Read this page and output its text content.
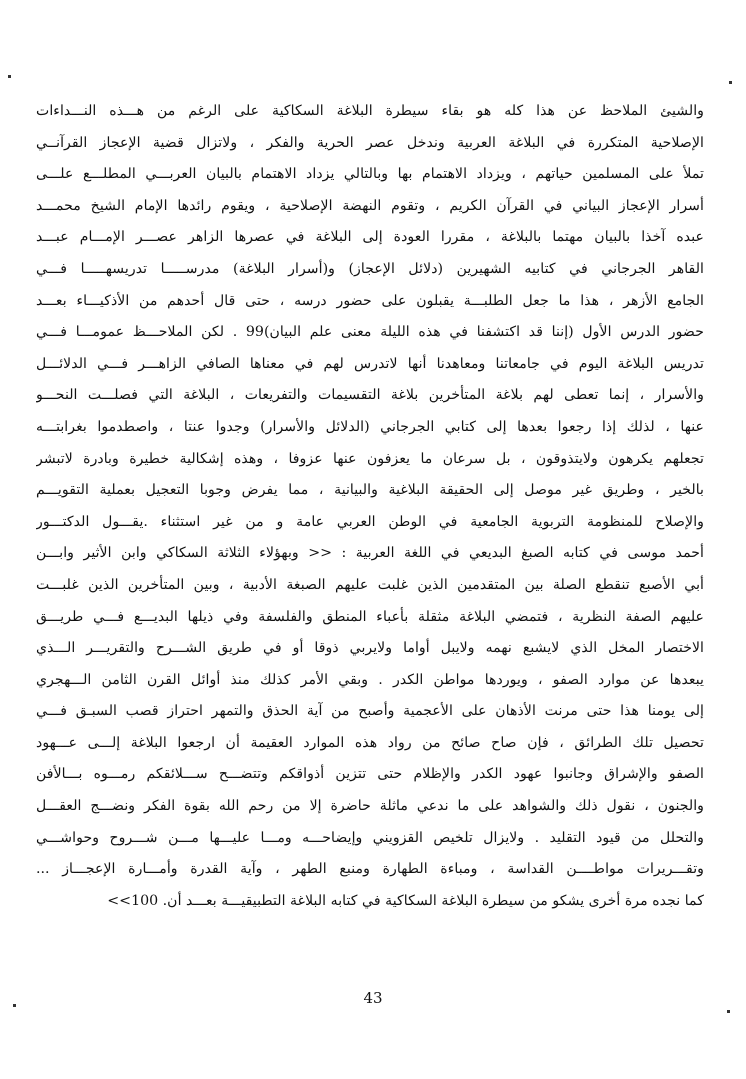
والشيئ الملاحظ عن هذا كله هو بقاء سيطرة البلاغة السكاكية على الرغم من هـــذه النـــداءات
الإصلاحية المتكررة في البلاغة العربية وندخل عصر الحرية والفكر ، ولاتزال قضية الإعجاز القرآنــي
تملأ على المسلمين حياتهم ، ويزداد الاهتمام بها وبالتالي يزداد الاهتمام بالبيان العربـــي المطلـــع علـــى
أسرار الإعجاز البياني في القرآن الكريم ، وتقوم النهضة الإصلاحية ، ويقوم رائدها الإمام الشيخ محمـــد
عبده آخذا بالبيان مهتما بالبلاغة ، مقررا العودة إلى البلاغة في عصرها الزاهر عصـــر الإمـــام عبـــد
القاهر الجرجاني في كتابيه الشهيرين (دلائل الإعجاز) و(أسرار البلاغة) مدرســـــا تدريسهـــــا فـــي
الجامع الأزهر ، هذا ما جعل الطلبـــة يقبلون على حضور درسه ، حتى قال أحدهم من الأذكيـــاء بعـــد
حضور الدرس الأول (إننا قد اكتشفنا في هذه الليلة معنى علم البيان)99 . لكن الملاحـــظ عمومـــا فـــي
تدريس البلاغة اليوم في جامعاتنا ومعاهدنا أنها لاتدرس لهم في معناها الصافي الزاهـــر فـــي الدلائـــل
والأسرار ، إنما تعطى لهم بلاغة المتأخرين بلاغة التقسيمات والتفريعات ، البلاغة التي فصلـــت النحـــو
عنها ، لذلك إذا رجعوا بعدها إلى كتابي الجرجاني (الدلائل والأسرار) وجدوا عنتا ، واصطدموا بغرابتـــه
تجعلهم يكرهون ولايتذوقون ، بل سرعان ما يعزفون عنها عزوفا ، وهذه إشكالية خطيرة وبادرة لاتبشر
بالخير ، وطريق غير موصل إلى الحقيقة البلاغية والبيانية ، مما يفرض وجوبا التعجيل بعملية التقويـــم
والإصلاح للمنظومة التربوية الجامعية في الوطن العربي عامة و من غير استثناء .يقـــول الدكتـــور
أحمد موسى في كتابه الصبغ البديعي في اللغة العربية : << وبهؤلاء الثلاثة السكاكي وابن الأثير وابـــن
أبي الأصبع تنقطع الصلة بين المتقدمين الذين غلبت عليهم الصبغة الأدبية ، وبين المتأخرين الذين غلبـــت
عليهم الصفة النظرية ، فتمضي البلاغة مثقلة بأعباء المنطق والفلسفة وفي ذيلها البديـــع فـــي طريـــق
الاختصار المخل الذي لايشبع نهمه ولايبل أواما ولايربي ذوقا أو في طريق الشـــرح والتقريـــر الـــذي
يبعدها عن موارد الصفو ، ويوردها مواطن الكدر . وبقي الأمر كذلك منذ أوائل القرن الثامن الـــهجري
إلى يومنا هذا حتى مرنت الأذهان على الأعجمية وأصبح من آية الحذق والتمهر احتراز قصب السبـق فـــي
تحصيل تلك الطرائق ، فإن صاح صائح من رواد هذه الموارد العقيمة أن ارجعوا البلاغة إلـــى عـــهود
الصفو والإشراق وجانبوا عهود الكدر والإظلام حتى تتزين أذواقكم وتتضـــح ســـلائقكم رمـــوه بـــالأفن
والجنون ، نقول ذلك والشواهد على ما ندعي ماثلة حاضرة إلا من رحم الله بقوة الفكر ونضـــج العقـــل
والتحلل من قيود التقليد . ولايزال تلخيص القزويني وإيضاحـــه ومـــا عليـــها مـــن شـــروح وحواشـــي
وتقـــريرات مواطــــن القداسة ، ومباءة الطهارة ومنبع الطهر ، وآية القدرة وأمـــارة الإعجـــاز ...
كما نجده مرة أخرى يشكو من سيطرة البلاغة السكاكية في كتابه البلاغة التطبيقيـــة بعـــد أن. 100>>
43
